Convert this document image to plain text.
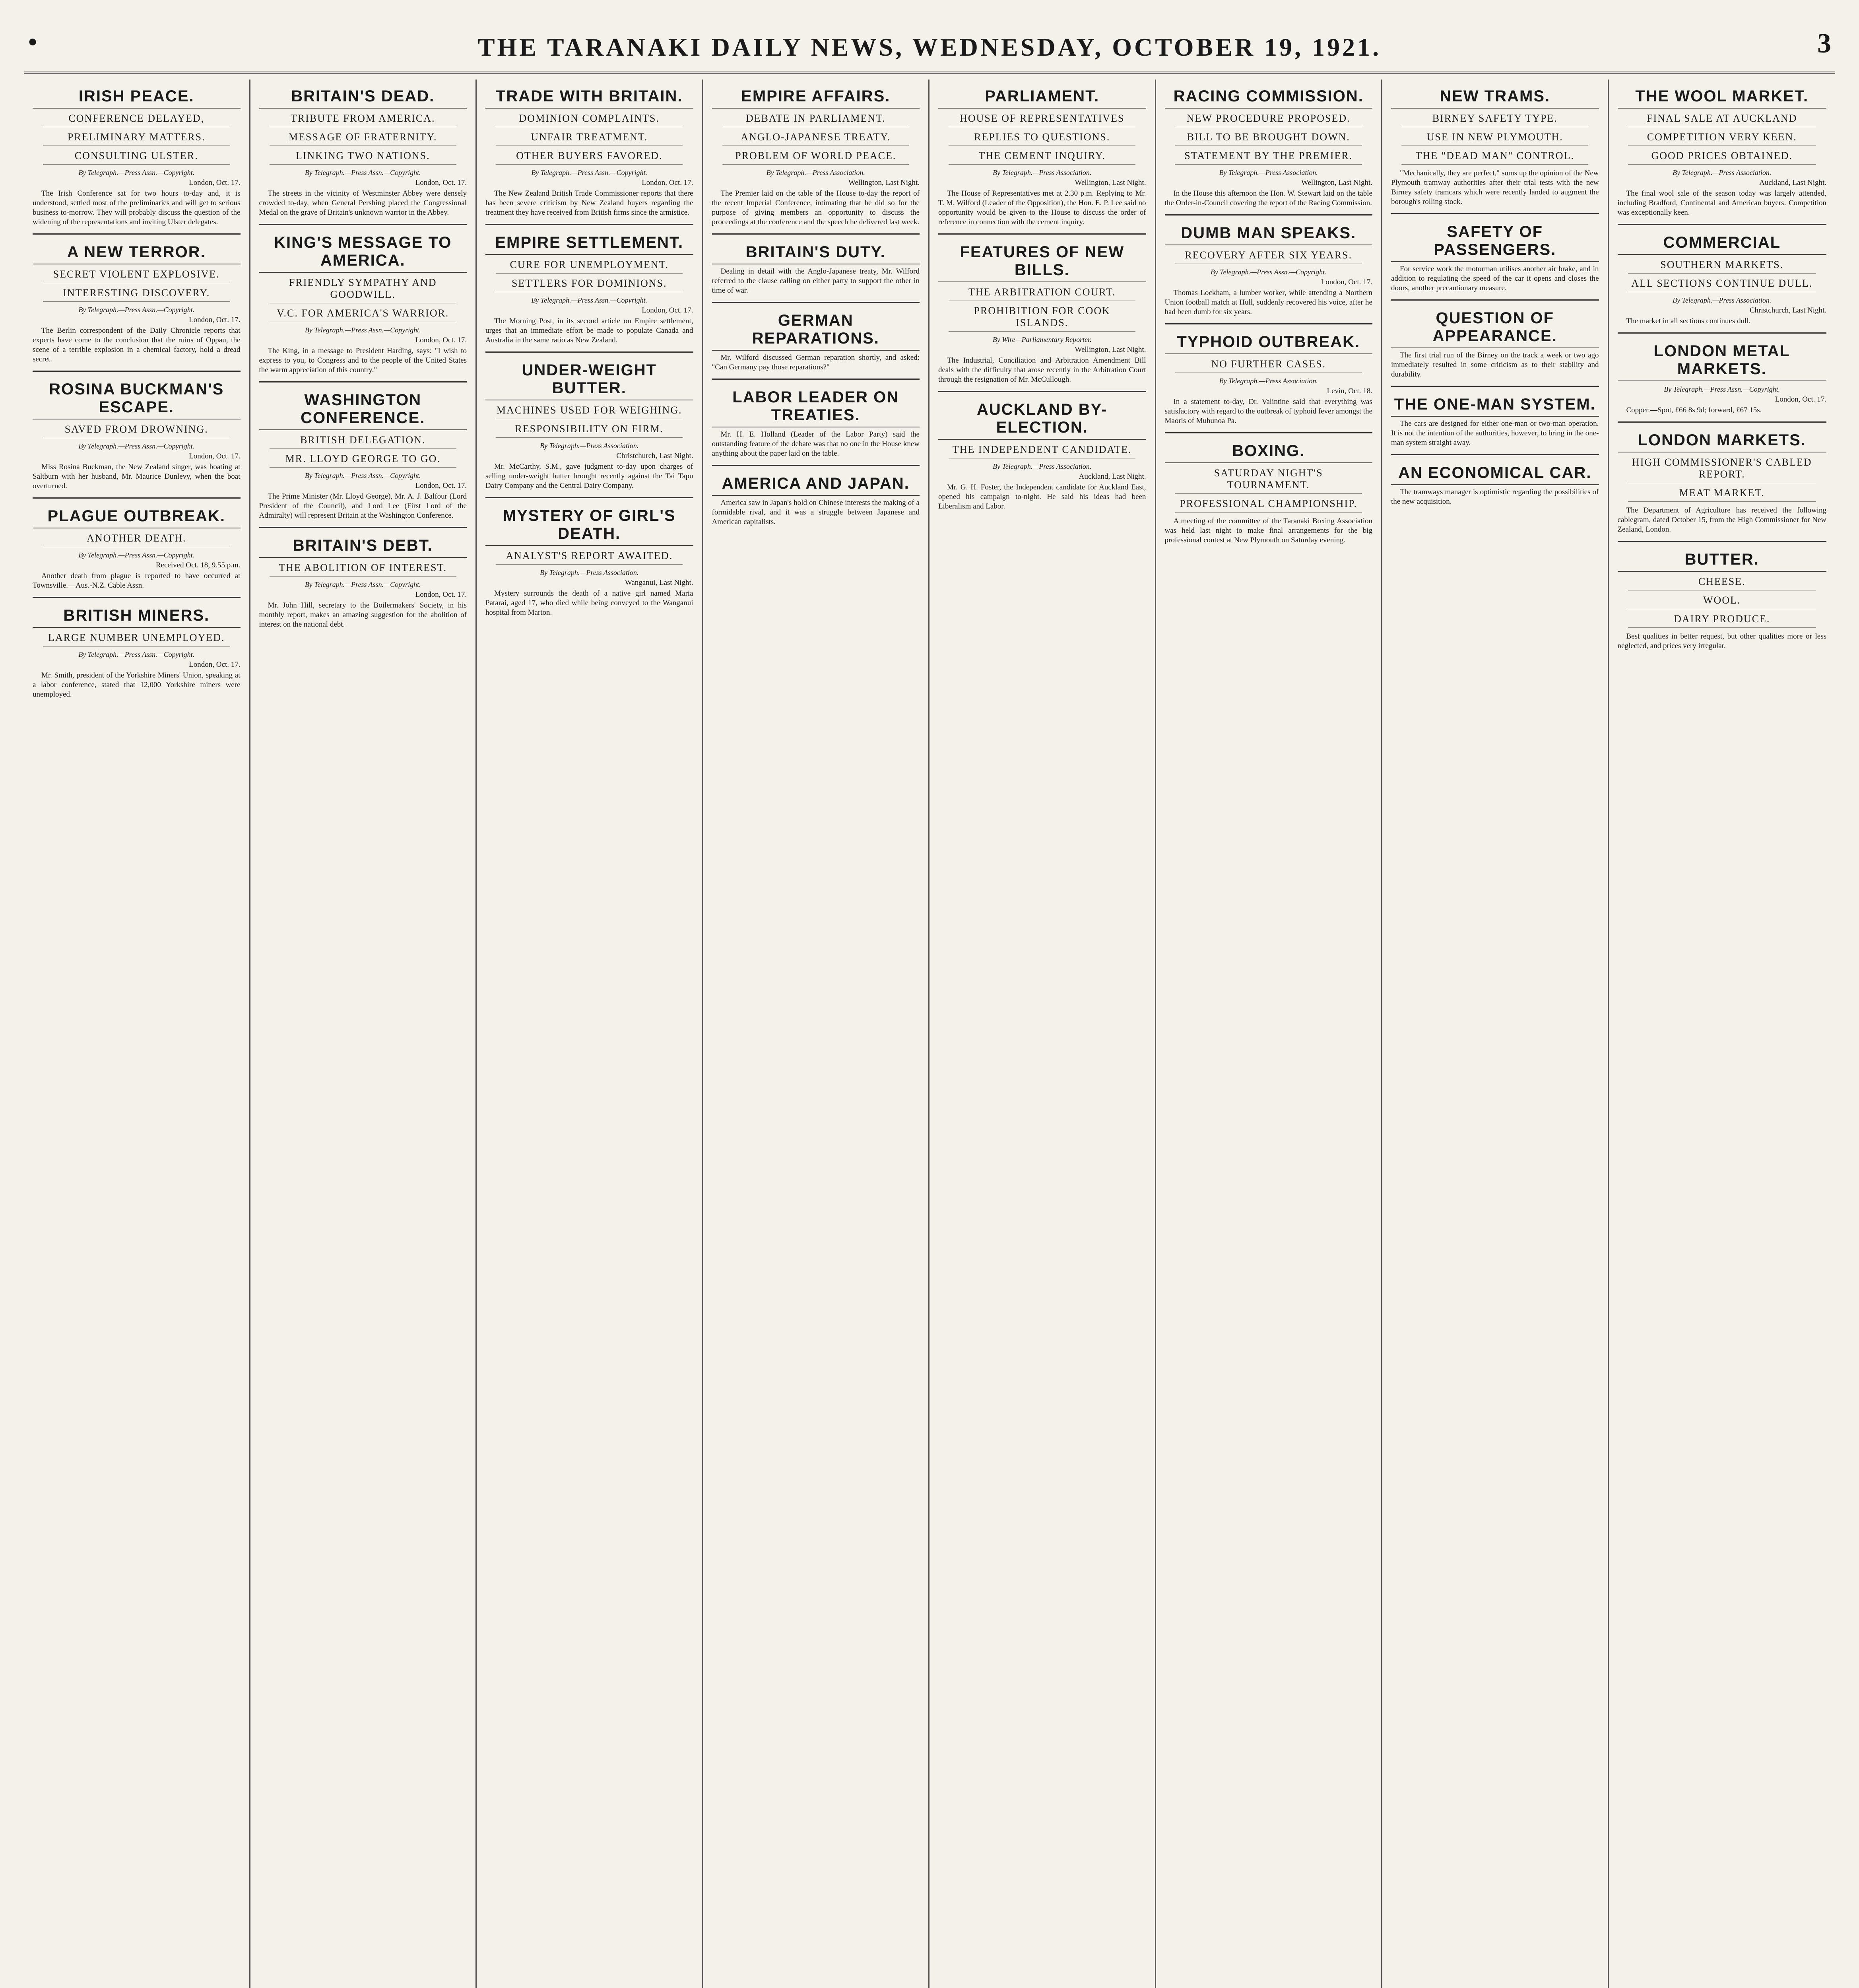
●	THE TARANAKI DAILY NEWS, WEDNESDAY, OCTOBER 19, 1921.	3
IRISH PEACE.
CONFERENCE DELAYED,
PRELIMINARY MATTERS.
CONSULTING ULSTER.
By Telegraph.—Press Assn.—Copyright.
London, Oct. 17.

The Irish Conference sat for two hours to-day and, it is understood, settled most of the preliminaries and will get to serious business to-morrow. They will probably discuss the question of the widening of the representations and inviting Ulster delegates.

A NEW TERROR.
SECRET VIOLENT EXPLOSIVE.
INTERESTING DISCOVERY.
By Telegraph.—Press Assn.—Copyright.
London, Oct. 17.

The Berlin correspondent of the Daily Chronicle reports that experts have come to the conclusion that the ruins of Oppau, the scene of a terrible explosion in a chemical factory, hold a dread secret.

ROSINA BUCKMAN'S ESCAPE.
SAVED FROM DROWNING.
By Telegraph.—Press Assn.—Copyright.
London, Oct. 17.

Miss Rosina Buckman, the New Zealand singer, was boating at Saltburn with her husband, Mr. Maurice Dunlevy, when the boat overturned.

PLAGUE OUTBREAK.
ANOTHER DEATH.
By Telegraph.—Press Assn.—Copyright.
Received Oct. 18, 9.55 p.m.

Another death from plague is reported to have occurred at Townsville.—Aus.-N.Z. Cable Assn.

BRITISH MINERS.
LARGE NUMBER UNEMPLOYED.
By Telegraph.—Press Assn.—Copyright.
London, Oct. 17.

Mr. Smith, president of the Yorkshire Miners' Union, speaking at a labor conference, stated that 12,000 Yorkshire miners were unemployed.

BRITAIN'S DEAD.
TRIBUTE FROM AMERICA.
MESSAGE OF FRATERNITY.
LINKING TWO NATIONS.
By Telegraph.—Press Assn.—Copyright.
London, Oct. 17.

The streets in the vicinity of Westminster Abbey were densely crowded to-day, when General Pershing placed the Congressional Medal on the grave of Britain's unknown warrior in the Abbey.

KING'S MESSAGE TO AMERICA.
FRIENDLY SYMPATHY AND GOODWILL.
V.C. FOR AMERICA'S WARRIOR.
By Telegraph.—Press Assn.—Copyright.
London, Oct. 17.

The King, in a message to President Harding, says: "I wish to express to you, to Congress and to the people of the United States the warm appreciation of this country."

WASHINGTON CONFERENCE.
BRITISH DELEGATION.
MR. LLOYD GEORGE TO GO.
By Telegraph.—Press Assn.—Copyright.
London, Oct. 17.

The Prime Minister (Mr. Lloyd George), Mr. A. J. Balfour (Lord President of the Council), and Lord Lee (First Lord of the Admiralty) will represent Britain at the Washington Conference.

BRITAIN'S DEBT.
THE ABOLITION OF INTEREST.
By Telegraph.—Press Assn.—Copyright.
London, Oct. 17.

Mr. John Hill, secretary to the Boilermakers' Society, in his monthly report, makes an amazing suggestion for the abolition of interest on the national debt.

TRADE WITH BRITAIN.
DOMINION COMPLAINTS.
UNFAIR TREATMENT.
OTHER BUYERS FAVORED.
By Telegraph.—Press Assn.—Copyright.
London, Oct. 17.

The New Zealand British Trade Commissioner reports that there has been severe criticism by New Zealand buyers regarding the treatment they have received from British firms since the armistice.

EMPIRE SETTLEMENT.
CURE FOR UNEMPLOYMENT.
SETTLERS FOR DOMINIONS.
By Telegraph.—Press Assn.—Copyright.
London, Oct. 17.

The Morning Post, in its second article on Empire settlement, urges that an immediate effort be made to populate Canada and Australia in the same ratio as New Zealand.

UNDER-WEIGHT BUTTER.
MACHINES USED FOR WEIGHING.
RESPONSIBILITY ON FIRM.
By Telegraph.—Press Association.
Christchurch, Last Night.

Mr. McCarthy, S.M., gave judgment to-day upon charges of selling under-weight butter brought recently against the Tai Tapu Dairy Company and the Central Dairy Company.

MYSTERY OF GIRL'S DEATH.
ANALYST'S REPORT AWAITED.
By Telegraph.—Press Association.
Wanganui, Last Night.

Mystery surrounds the death of a native girl named Maria Patarai, aged 17, who died while being conveyed to the Wanganui hospital from Marton.

EMPIRE AFFAIRS.
DEBATE IN PARLIAMENT.
ANGLO-JAPANESE TREATY.
PROBLEM OF WORLD PEACE.
By Telegraph.—Press Association.
Wellington, Last Night.

The Premier laid on the table of the House to-day the report of the recent Imperial Conference, intimating that he did so for the purpose of giving members an opportunity to discuss the proceedings at the conference and the speech he delivered last week.

BRITAIN'S DUTY.

Dealing in detail with the Anglo-Japanese treaty, Mr. Wilford referred to the clause calling on either party to support the other in time of war.

GERMAN REPARATIONS.

Mr. Wilford discussed German reparation shortly, and asked: "Can Germany pay those reparations?"

LABOR LEADER ON TREATIES.

Mr. H. E. Holland (Leader of the Labor Party) said the outstanding feature of the debate was that no one in the House knew anything about the paper laid on the table.

AMERICA AND JAPAN.

America saw in Japan's hold on Chinese interests the making of a formidable rival, and it was a struggle between Japanese and American capitalists.

PARLIAMENT.
HOUSE OF REPRESENTATIVES
REPLIES TO QUESTIONS.
THE CEMENT INQUIRY.
By Telegraph.—Press Association.
Wellington, Last Night.

The House of Representatives met at 2.30 p.m. Replying to Mr. T. M. Wilford (Leader of the Opposition), the Hon. E. P. Lee said no opportunity would be given to the House to discuss the order of reference in connection with the cement inquiry.

FEATURES OF NEW BILLS.
THE ARBITRATION COURT.
PROHIBITION FOR COOK ISLANDS.
By Wire—Parliamentary Reporter.
Wellington, Last Night.

The Industrial, Conciliation and Arbitration Amendment Bill deals with the difficulty that arose recently in the Arbitration Court through the resignation of Mr. McCullough.

AUCKLAND BY-ELECTION.
THE INDEPENDENT CANDIDATE.
By Telegraph.—Press Association.
Auckland, Last Night.

Mr. G. H. Foster, the Independent candidate for Auckland East, opened his campaign to-night. He said his ideas had been Liberalism and Labor.

RACING COMMISSION.
NEW PROCEDURE PROPOSED.
BILL TO BE BROUGHT DOWN.
STATEMENT BY THE PREMIER.
By Telegraph.—Press Association.
Wellington, Last Night.

In the House this afternoon the Hon. W. Stewart laid on the table the Order-in-Council covering the report of the Racing Commission.

DUMB MAN SPEAKS.
RECOVERY AFTER SIX YEARS.
By Telegraph.—Press Assn.—Copyright.
London, Oct. 17.

Thomas Lockham, a lumber worker, while attending a Northern Union football match at Hull, suddenly recovered his voice, after he had been dumb for six years.

TYPHOID OUTBREAK.
NO FURTHER CASES.
By Telegraph.—Press Association.
Levin, Oct. 18.

In a statement to-day, Dr. Valintine said that everything was satisfactory with regard to the outbreak of typhoid fever amongst the Maoris of Muhunoa Pa.

BOXING.
SATURDAY NIGHT'S TOURNAMENT.
PROFESSIONAL CHAMPIONSHIP.

A meeting of the committee of the Taranaki Boxing Association was held last night to make final arrangements for the big professional contest at New Plymouth on Saturday evening.

NEW TRAMS.
BIRNEY SAFETY TYPE.
USE IN NEW PLYMOUTH.
THE "DEAD MAN" CONTROL.

"Mechanically, they are perfect," sums up the opinion of the New Plymouth tramway authorities after their trial tests with the new Birney safety tramcars which were recently landed to augment the borough's rolling stock.

SAFETY OF PASSENGERS.

For service work the motorman utilises another air brake, and in addition to regulating the speed of the car it opens and closes the doors, another precautionary measure.

QUESTION OF APPEARANCE.

The first trial run of the Birney on the track a week or two ago immediately resulted in some criticism as to their stability and durability.

THE ONE-MAN SYSTEM.

The cars are designed for either one-man or two-man operation. It is not the intention of the authorities, however, to bring in the one-man system straight away.

AN ECONOMICAL CAR.

The tramways manager is optimistic regarding the possibilities of the new acquisition.

THE WOOL MARKET.
FINAL SALE AT AUCKLAND
COMPETITION VERY KEEN.
GOOD PRICES OBTAINED.
By Telegraph.—Press Association.
Auckland, Last Night.

The final wool sale of the season today was largely attended, including Bradford, Continental and American buyers. Competition was exceptionally keen.

COMMERCIAL
SOUTHERN MARKETS.
ALL SECTIONS CONTINUE DULL.
By Telegraph.—Press Association.
Christchurch, Last Night.

The market in all sections continues dull.

LONDON METAL MARKETS.
By Telegraph.—Press Assn.—Copyright.
London, Oct. 17.

Copper.—Spot, £66 8s 9d; forward, £67 15s.

LONDON MARKETS.
HIGH COMMISSIONER'S CABLED REPORT.
MEAT MARKET.

The Department of Agriculture has received the following cablegram, dated October 15, from the High Commissioner for New Zealand, London.

BUTTER.
CHEESE.
WOOL.
DAIRY PRODUCE.

Best qualities in better request, but other qualities more or less neglected, and prices very irregular.
